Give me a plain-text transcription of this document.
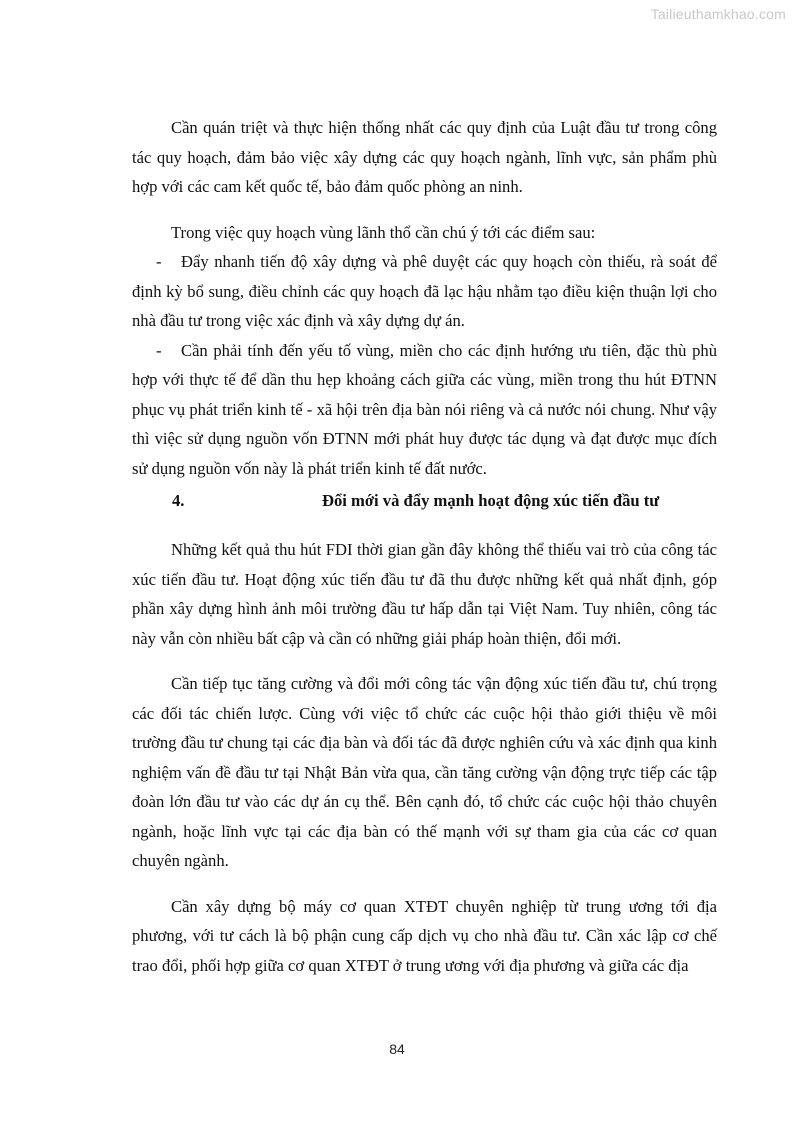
Tailieuthamkhao.com

Cần quán triệt và thực hiện thống nhất các quy định của Luật đầu tư trong công tác quy hoạch, đảm bảo việc xây dựng các quy hoạch ngành, lĩnh vực, sản phẩm phù hợp với các cam kết quốc tế, bảo đảm quốc phòng an ninh.

Trong việc quy hoạch vùng lãnh thổ cần chú ý tới các điểm sau:

- Đẩy nhanh tiến độ xây dựng và phê duyệt các quy hoạch còn thiếu, rà soát để định kỳ bổ sung, điều chỉnh các quy hoạch đã lạc hậu nhằm tạo điều kiện thuận lợi cho nhà đầu tư trong việc xác định và xây dựng dự án.
- Cần phải tính đến yếu tố vùng, miền cho các định hướng ưu tiên, đặc thù phù hợp với thực tế để dần thu hẹp khoảng cách giữa các vùng, miền trong thu hút ĐTNN phục vụ phát triển kinh tế - xã hội trên địa bàn nói riêng và cả nước nói chung. Như vậy thì việc sử dụng nguồn vốn ĐTNN mới phát huy được tác dụng và đạt được mục đích sử dụng nguồn vốn này là phát triển kinh tế đất nước.
4.	Đổi mới và đẩy mạnh hoạt động xúc tiến đầu tư

Những kết quả thu hút FDI thời gian gần đây không thể thiếu vai trò của công tác xúc tiến đầu tư. Hoạt động xúc tiến đầu tư đã thu được những kết quả nhất định, góp phần xây dựng hình ảnh môi trường đầu tư hấp dẫn tại Việt Nam. Tuy nhiên, công tác này vẫn còn nhiều bất cập và cần có những giải pháp hoàn thiện, đổi mới.

Cần tiếp tục tăng cường và đổi mới công tác vận động xúc tiến đầu tư, chú trọng các đối tác chiến lược. Cùng với việc tổ chức các cuộc hội thảo giới thiệu về môi trường đầu tư chung tại các địa bàn và đối tác đã được nghiên cứu và xác định qua kinh nghiệm vấn đề đầu tư tại Nhật Bản vừa qua, cần tăng cường vận động trực tiếp các tập đoàn lớn đầu tư vào các dự án cụ thể. Bên cạnh đó, tổ chức các cuộc hội thảo chuyên ngành, hoặc lĩnh vực tại các địa bàn có thế mạnh với sự tham gia của các cơ quan chuyên ngành.

Cần xây dựng bộ máy cơ quan XTĐT chuyên nghiệp từ trung ương tới địa phương, với tư cách là bộ phận cung cấp dịch vụ cho nhà đầu tư. Cần xác lập cơ chế trao đổi, phối hợp giữa cơ quan XTĐT ở trung ương với địa phương và giữa các địa

84
